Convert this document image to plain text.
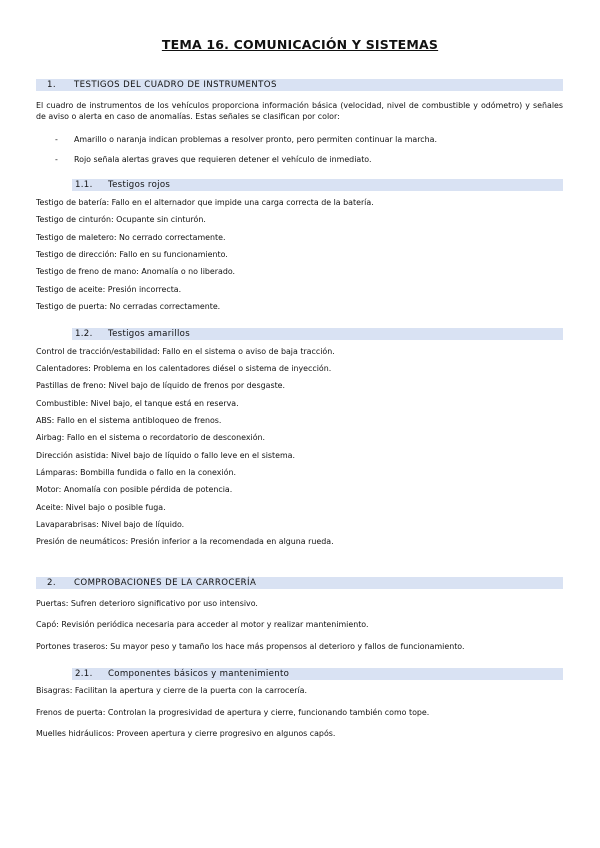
TEMA 16. COMUNICACIÓN Y SISTEMAS
1. TESTIGOS DEL CUADRO DE INSTRUMENTOS
El cuadro de instrumentos de los vehículos proporciona información básica (velocidad, nivel de combustible y odómetro) y señales de aviso o alerta en caso de anomalías. Estas señales se clasifican por color:
- Amarillo o naranja indican problemas a resolver pronto, pero permiten continuar la marcha.
- Rojo señala alertas graves que requieren detener el vehículo de inmediato.
1.1. Testigos rojos
Testigo de batería: Fallo en el alternador que impide una carga correcta de la batería.
Testigo de cinturón: Ocupante sin cinturón.
Testigo de maletero: No cerrado correctamente.
Testigo de dirección: Fallo en su funcionamiento.
Testigo de freno de mano: Anomalía o no liberado.
Testigo de aceite: Presión incorrecta.
Testigo de puerta: No cerradas correctamente.
1.2. Testigos amarillos
Control de tracción/estabilidad: Fallo en el sistema o aviso de baja tracción.
Calentadores: Problema en los calentadores diésel o sistema de inyección.
Pastillas de freno: Nivel bajo de líquido de frenos por desgaste.
Combustible: Nivel bajo, el tanque está en reserva.
ABS: Fallo en el sistema antibloqueo de frenos.
Airbag: Fallo en el sistema o recordatorio de desconexión.
Dirección asistida: Nivel bajo de líquido o fallo leve en el sistema.
Lámparas: Bombilla fundida o fallo en la conexión.
Motor: Anomalía con posible pérdida de potencia.
Aceite: Nivel bajo o posible fuga.
Lavaparabrisas: Nivel bajo de líquido.
Presión de neumáticos: Presión inferior a la recomendada en alguna rueda.
2. COMPROBACIONES DE LA CARROCERÍA
Puertas: Sufren deterioro significativo por uso intensivo.
Capó: Revisión periódica necesaria para acceder al motor y realizar mantenimiento.
Portones traseros: Su mayor peso y tamaño los hace más propensos al deterioro y fallos de funcionamiento.
2.1. Componentes básicos y mantenimiento
Bisagras: Facilitan la apertura y cierre de la puerta con la carrocería.
Frenos de puerta: Controlan la progresividad de apertura y cierre, funcionando también como tope.
Muelles hidráulicos: Proveen apertura y cierre progresivo en algunos capós.
